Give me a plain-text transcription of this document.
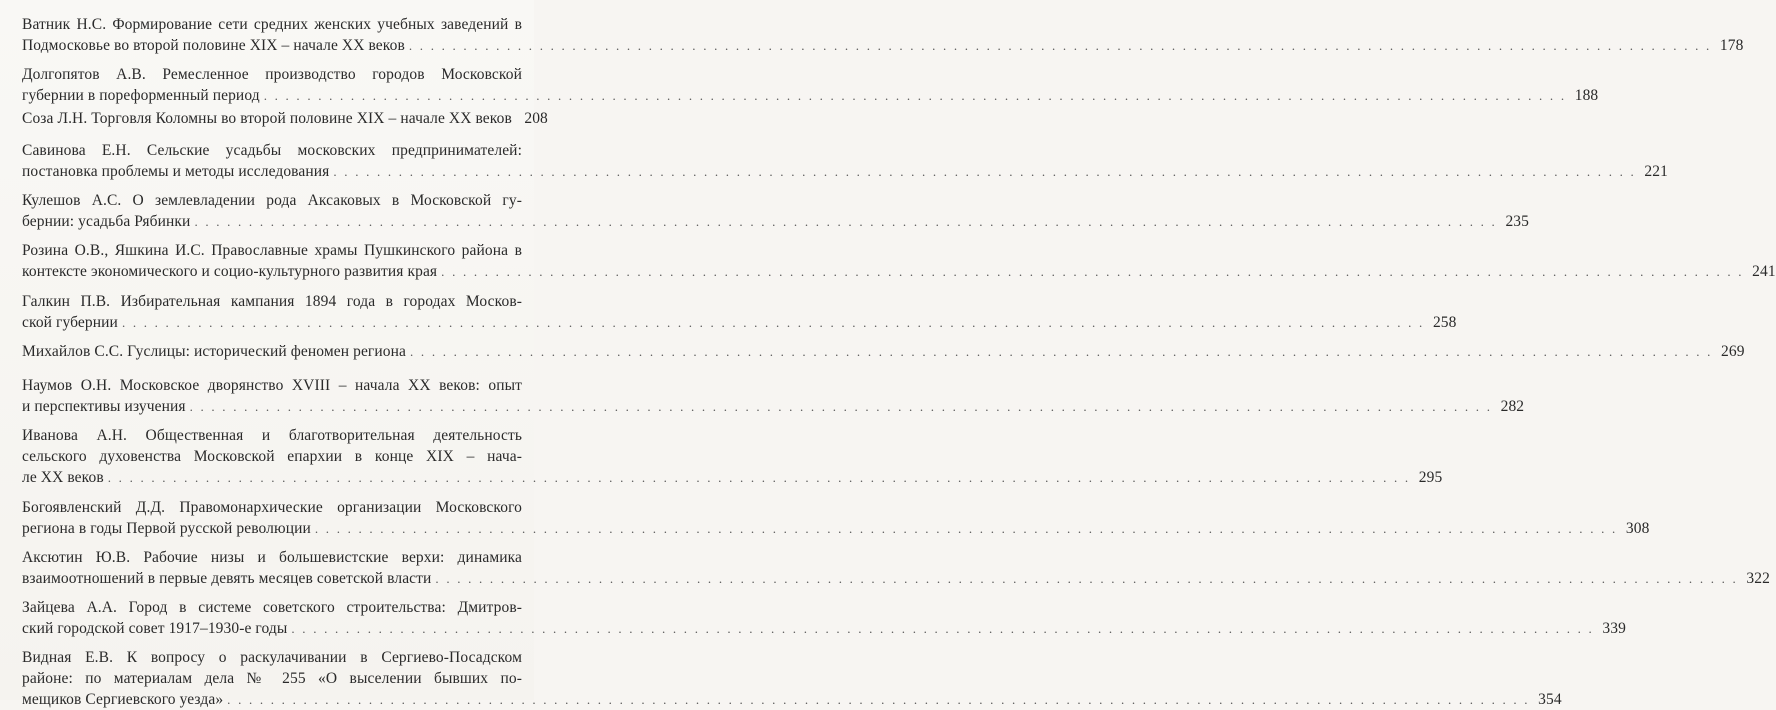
Ватник Н.С. Формирование сети средних женских учебных заведений в
Подмосковье во второй половине XIX – начале XX веков . . . . . . . . . . . . . . . . . . . . . . . . . . . . . . . . . . . . . . . . . . . . . . . . . . . . . . . . . . . . . . . . . . . . . . . . . . . . . . . . . . . . . . . . . . . . . . . . . . . . . . . . . . . . . . . . . . . . . . . . 178
Долгопятов А.В. Ремесленное производство городов Московской
губернии в пореформенный период . . . . . . . . . . . . . . . . . . . . . . . . . . . . . . . . . . . . . . . . . . . . . . . . . . . . . . . . . . . . . . . . . . . . . . . . . . . . . . . . . . . . . . . . . . . . . . . . . . . . . . . . . . . . . . . . . . . . . . . . 188
Соза Л.Н. Торговля Коломны во второй половине XIX – начале XX веков 208
Савинова Е.Н. Сельские усадьбы московских предпринимателей:
постановка проблемы и методы исследования . . . . . . . . . . . . . . . . . . . . . . . . . . . . . . . . . . . . . . . . . . . . . . . . . . . . . . . . . . . . . . . . . . . . . . . . . . . . . . . . . . . . . . . . . . . . . . . . . . . . . . . . . . . . . . . . . . . . . . . . 221
Кулешов А.С. О землевладении рода Аксаковых в Московской гу-
бернии: усадьба Рябинки . . . . . . . . . . . . . . . . . . . . . . . . . . . . . . . . . . . . . . . . . . . . . . . . . . . . . . . . . . . . . . . . . . . . . . . . . . . . . . . . . . . . . . . . . . . . . . . . . . . . . . . . . . . . . . . . . . . . . . . . 235
Розина О.В., Яшкина И.С. Православные храмы Пушкинского района в
контексте экономического и социо-культурного развития края . . . . . . . . . . . . . . . . . . . . . . . . . . . . . . . . . . . . . . . . . . . . . . . . . . . . . . . . . . . . . . . . . . . . . . . . . . . . . . . . . . . . . . . . . . . . . . . . . . . . . . . . . . . . . . . . . . . . . . . . 241
Галкин П.В. Избирательная кампания 1894 года в городах Москов-
ской губернии . . . . . . . . . . . . . . . . . . . . . . . . . . . . . . . . . . . . . . . . . . . . . . . . . . . . . . . . . . . . . . . . . . . . . . . . . . . . . . . . . . . . . . . . . . . . . . . . . . . . . . . . . . . . . . . . . . . . . . . . 258
Михайлов С.С. Гуслицы: исторический феномен региона . . . . . . . . . . . . . . . . . . . . . . . . . . . . . . . . . . . . . . . . . . . . . . . . . . . . . . . . . . . . . . . . . . . . . . . . . . . . . . . . . . . . . . . . . . . . . . . . . . . . . . . . . . . . . . . . . . . . . . . . 269
Наумов О.Н. Московское дворянство XVIII – начала XX веков: опыт
и перспективы изучения . . . . . . . . . . . . . . . . . . . . . . . . . . . . . . . . . . . . . . . . . . . . . . . . . . . . . . . . . . . . . . . . . . . . . . . . . . . . . . . . . . . . . . . . . . . . . . . . . . . . . . . . . . . . . . . . . . . . . . . . 282
Иванова А.Н. Общественная и благотворительная деятельность
сельского духовенства Московской епархии в конце XIX – нача-
ле XX веков . . . . . . . . . . . . . . . . . . . . . . . . . . . . . . . . . . . . . . . . . . . . . . . . . . . . . . . . . . . . . . . . . . . . . . . . . . . . . . . . . . . . . . . . . . . . . . . . . . . . . . . . . . . . . . . . . . . . . . . . 295
Богоявленский Д.Д. Правомонархические организации Московского
региона в годы Первой русской революции . . . . . . . . . . . . . . . . . . . . . . . . . . . . . . . . . . . . . . . . . . . . . . . . . . . . . . . . . . . . . . . . . . . . . . . . . . . . . . . . . . . . . . . . . . . . . . . . . . . . . . . . . . . . . . . . . . . . . . . . 308
Аксютин Ю.В. Рабочие низы и большевистские верхи: динамика
взаимоотношений в первые девять месяцев советской власти . . . . . . . . . . . . . . . . . . . . . . . . . . . . . . . . . . . . . . . . . . . . . . . . . . . . . . . . . . . . . . . . . . . . . . . . . . . . . . . . . . . . . . . . . . . . . . . . . . . . . . . . . . . . . . . . . . . . . . . . 322
Зайцева А.А. Город в системе советского строительства: Дмитров-
ский городской совет 1917–1930-е годы . . . . . . . . . . . . . . . . . . . . . . . . . . . . . . . . . . . . . . . . . . . . . . . . . . . . . . . . . . . . . . . . . . . . . . . . . . . . . . . . . . . . . . . . . . . . . . . . . . . . . . . . . . . . . . . . . . . . . . . . 339
Видная Е.В. К вопросу о раскулачивании в Сергиево-Посадском
районе: по материалам дела № 255 «О выселении бывших по-
мещиков Сергиевского уезда» . . . . . . . . . . . . . . . . . . . . . . . . . . . . . . . . . . . . . . . . . . . . . . . . . . . . . . . . . . . . . . . . . . . . . . . . . . . . . . . . . . . . . . . . . . . . . . . . . . . . . . . . . . . . . . . . . . . . . . . . 354
